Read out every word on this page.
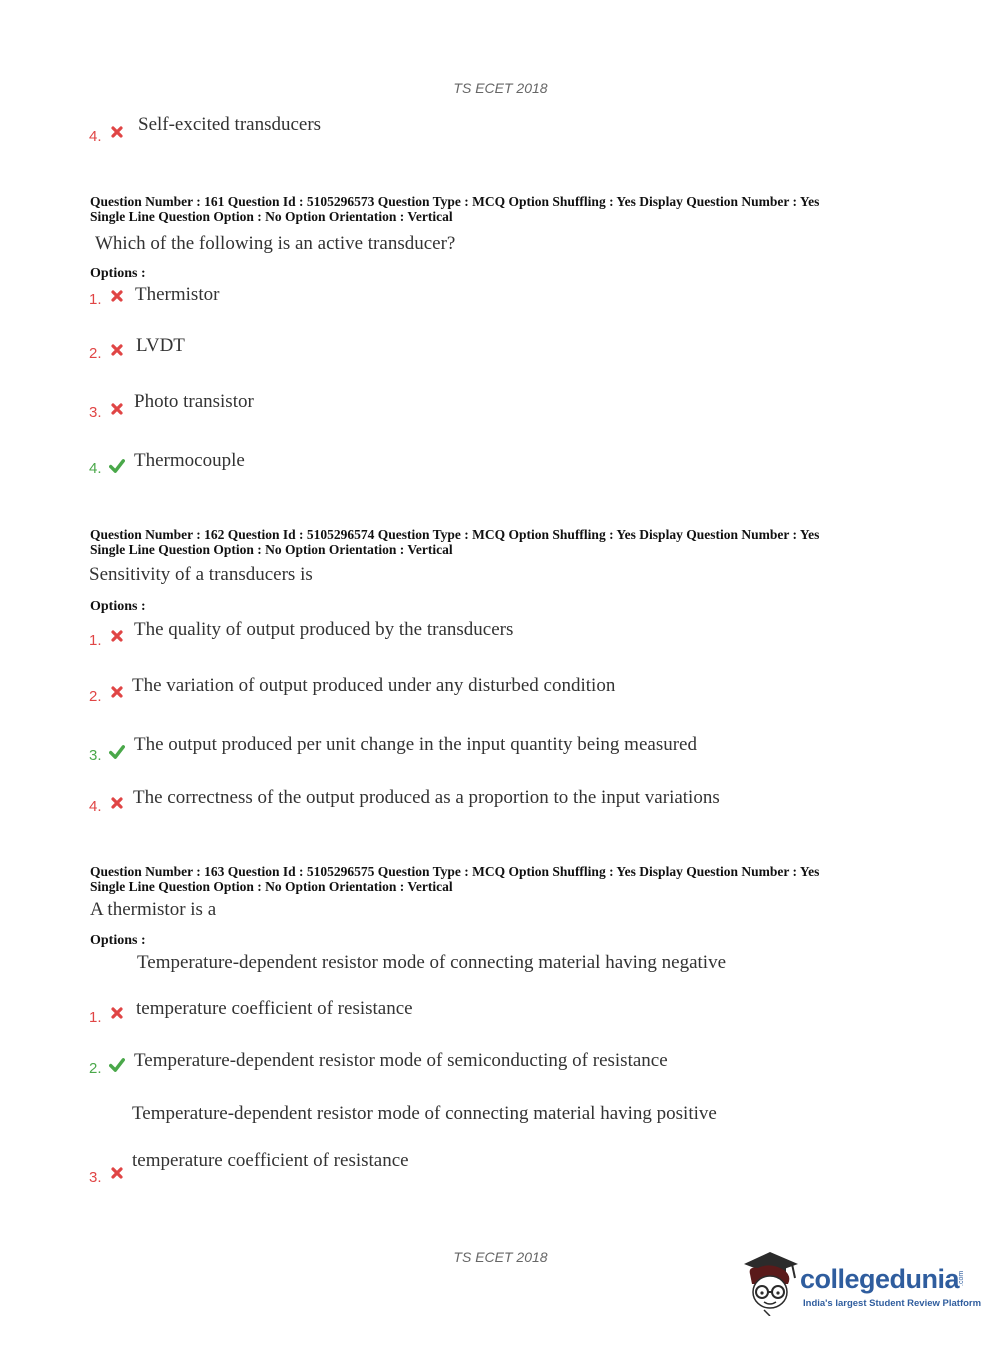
TS ECET 2018
4.
Self-excited transducers
Question Number : 161 Question Id : 5105296573 Question Type : MCQ Option Shuffling : Yes Display Question Number : Yes
Single Line Question Option : No Option Orientation : Vertical
Which of the following is an active transducer?
Options :
1. Thermistor
2. LVDT
3.
Photo transistor
4. Thermocouple
Question Number : 162 Question Id : 5105296574 Question Type : MCQ Option Shuffling : Yes Display Question Number : Yes
Single Line Question Option : No Option Orientation : Vertical
Sensitivity of a transducers is
Options :
1.
The quality of output produced by the transducers
2.
The variation of output produced under any disturbed condition
3.
The output produced per unit change in the input quantity being measured
4. The correctness of the output produced as a proportion to the input variations
Question Number : 163 Question Id : 5105296575 Question Type : MCQ Option Shuffling : Yes Display Question Number : Yes
Single Line Question Option : No Option Orientation : Vertical
A thermistor is a
Options :
Temperature-dependent resistor mode of connecting material having negative
1. temperature coefficient of resistance
2. Temperature-dependent resistor mode of semiconducting of resistance
Temperature-dependent resistor mode of connecting material having positive
3.
temperature coefficient of resistance
TS ECET 2018
collegedunia
.com
India's largest Student Review Platform
